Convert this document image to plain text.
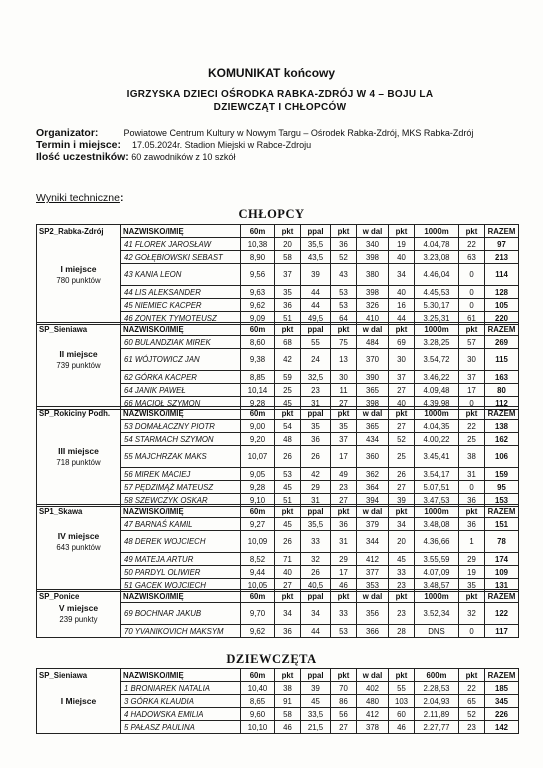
KOMUNIKAT końcowy
IGRZYSKA DZIECI OŚRODKA RABKA-ZDRÓJ W 4 – BOJU LA
DZIEWCZĄT I CHŁOPCÓW
Organizator:	Powiatowe Centrum Kultury w Nowym Targu – Ośrodek Rabka-Zdrój, MKS Rabka-Zdrój
Termin i miejsce: 17.05.2024r. Stadion Miejski w Rabce-Zdroju
Ilość uczestników: 60 zawodników z 10 szkół
Wyniki techniczne:
CHŁOPCY
SP2_Rabka-Zdrój	NAZWISKO/IMIĘ	60m	pkt	ppal	pkt	w dal	pkt	1000m	pkt	RAZEM
	41 FLOREK JAROSŁAW	10,38	20	35,5	36	340	19	4.04,78	22	97
	42 GOŁĘBIOWSKI SEBAST	8,90	58	43,5	52	398	40	3.23,08	63	213

I miejsce
780 punktów	43 KANIA LEON	9,56	37	39	43	380	34	4.46,04	0	114
	44 LIS ALEKSANDER	9,63	35	44	53	398	40	4.45,53	0	128
	45 NIEMIEC KACPER	9,62	36	44	53	326	16	5.30,17	0	105
	46 ZONTEK TYMOTEUSZ	9,09	51	49,5	64	410	44	3.25,31	61	220
SP_Sieniawa	NAZWISKO/IMIĘ	60m	pkt	ppal	pkt	w dal	pkt	1000m	pkt	RAZEM
	60 BULANDZIAK MIREK	8,60	68	55	75	484	69	3.28,25	57	269

II miejsce
739 punktów	61 WÓJTOWICZ JAN	9,38	42	24	13	370	30	3.54,72	30	115
	62 GÓRKA KACPER	8,85	59	32,5	30	390	37	3.46,22	37	163
	64 JANIK PAWEŁ	10,14	25	23	11	365	27	4.09,48	17	80
	66 MACIOŁ SZYMON	9,28	45	31	27	398	40	4.39,98	0	112
SP_Rokiciny Podh.	NAZWISKO/IMIĘ	60m	pkt	ppal	pkt	w dal	pkt	1000m	pkt	RAZEM
	53 DOMAŁACZNY PIOTR	9,00	54	35	35	365	27	4.04,35	22	138
	54 STARMACH SZYMON	9,20	48	36	37	434	52	4.00,22	25	162

III miejsce
718 punktów	55 MAJCHRZAK MAKS	10,07	26	26	17	360	25	3.45,41	38	106
	56 MIREK MACIEJ	9,05	53	42	49	362	26	3.54,17	31	159
	57 PĘDZIMĄŻ MATEUSZ	9,28	45	29	23	364	27	5.07,51	0	95
	58 SZEWCZYK OSKAR	9,10	51	31	27	394	39	3.47,53	36	153
SP1_Skawa	NAZWISKO/IMIĘ	60m	pkt	ppal	pkt	w dal	pkt	1000m	pkt	RAZEM
	47 BARNAŚ KAMIL	9,27	45	35,5	36	379	34	3.48,08	36	151

IV miejsce
643 punktów	48 DEREK WOJCIECH	10,09	26	33	31	344	20	4.36,66	1	78
	49 MATEJA ARTUR	8,52	71	32	29	412	45	3.55,59	29	174
	50 PARDYL OLIWIER	9,44	40	26	17	377	33	4.07,09	19	109
	51 GACEK WOJCIECH	10,05	27	40,5	46	353	23	3.48,57	35	131
SP_Ponice	NAZWISKO/IMIĘ	60m	pkt	ppal	pkt	w dal	pkt	1000m	pkt	RAZEM

V miejsce
239 punkty	69 BOCHNAR JAKUB	9,70	34	34	33	356	23	3.52,34	32	122
	70 YVANIKOVICH MAKSYM	9,62	36	44	53	366	28	DNS	0	117
DZIEWCZĘTA
SP_Sieniawa	NAZWISKO/IMIĘ	60m	pkt	ppal	pkt	w dal	pkt	600m	pkt	RAZEM
	1 BRONIAREK NATALIA	10,40	38	39	70	402	55	2.28,53	22	185

I Miejsce	3 GÓRKA KLAUDIA	8,65	91	45	86	480	103	2.04,93	65	345
	4 HADOWSKA EMILIA	9,60	58	33,5	56	412	60	2.11,89	52	226
	5 PAŁASZ PAULINA	10,10	46	21,5	27	378	46	2.27,77	23	142
